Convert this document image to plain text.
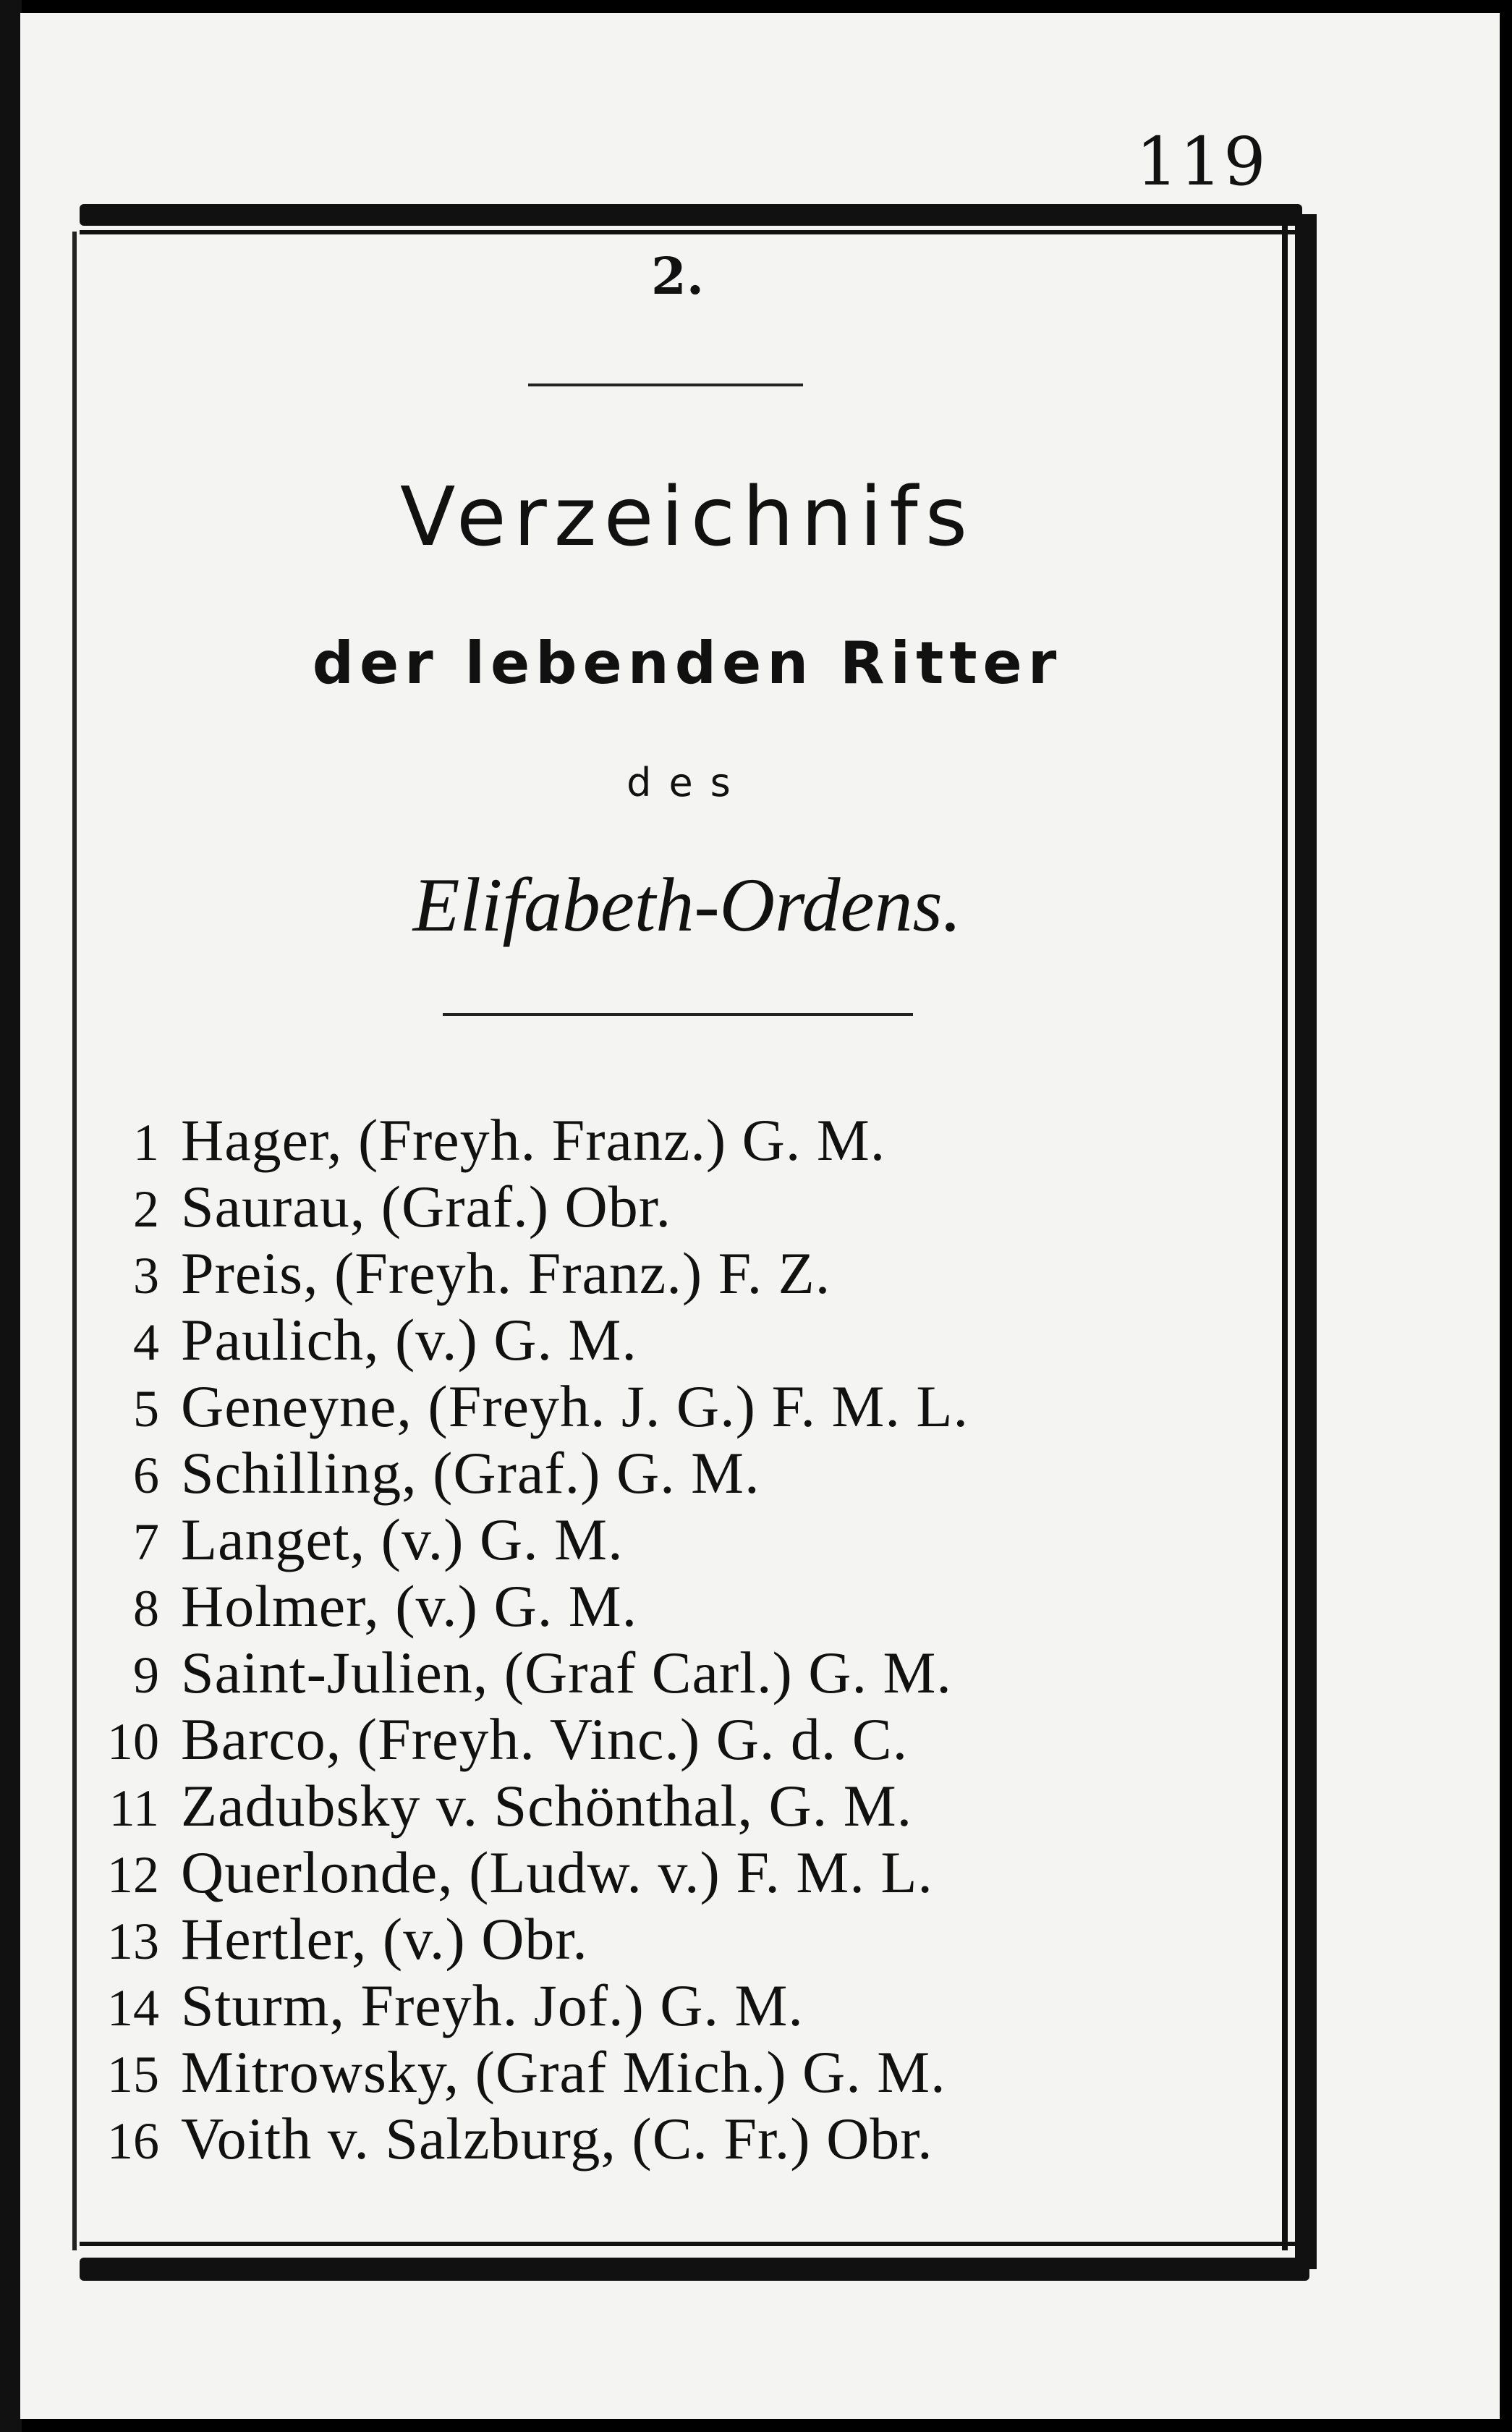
119
2.
Verzeichnifs
der lebenden Ritter
des
Elifabeth-Ordens.
1 Hager, (Freyh. Franz.) G. M.
2 Saurau, (Graf.) Obr.
3 Preis, (Freyh. Franz.) F. Z.
4 Paulich, (v.) G. M.
5 Geneyne, (Freyh. J. G.) F. M. L.
6 Schilling, (Graf.) G. M.
7 Langet, (v.) G. M.
8 Holmer, (v.) G. M.
9 Saint-Julien, (Graf Carl.) G. M.
10 Barco, (Freyh. Vinc.) G. d. C.
11 Zadubsky v. Schönthal, G. M.
12 Querlonde, (Ludw. v.) F. M. L.
13 Hertler, (v.) Obr.
14 Sturm, Freyh. Jof.) G. M.
15 Mitrowsky, (Graf Mich.) G. M.
16 Voith v. Salzburg, (C. Fr.) Obr.
